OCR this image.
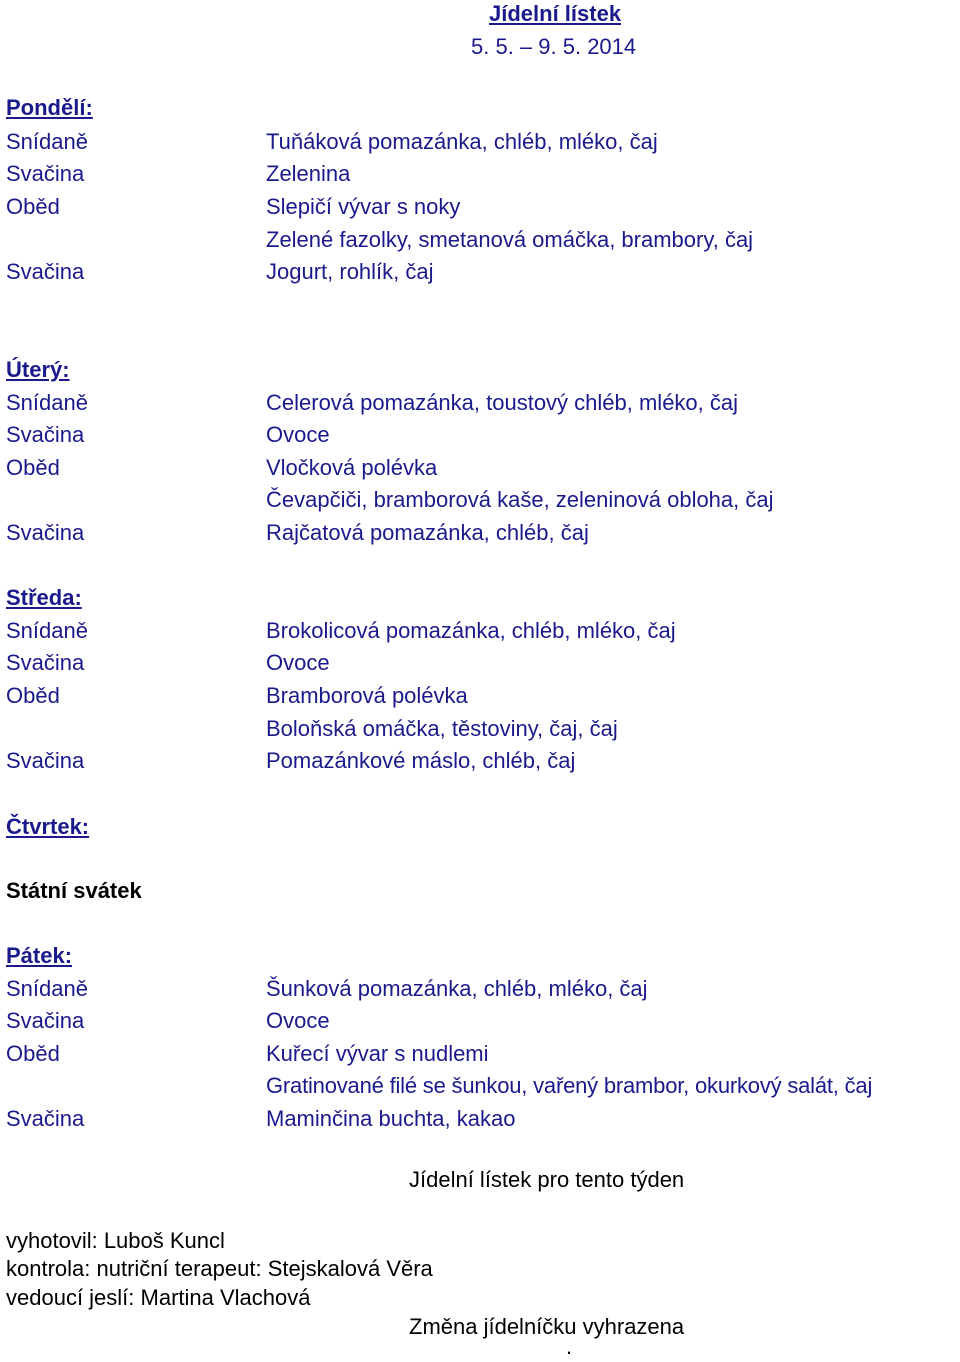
Jídelní lístek
5. 5. – 9. 5. 2014
Pondělí:
Snídaně
Svačina
Oběd
Svačina
Tuňáková pomazánka, chléb, mléko, čaj
Zelenina
Slepičí vývar s noky
Zelené fazolky, smetanová omáčka, brambory, čaj
Jogurt, rohlík, čaj
Úterý:
Snídaně
Svačina
Oběd
Svačina
Celerová pomazánka, toustový chléb, mléko, čaj
Ovoce
Vločková polévka
Čevapčiči, bramborová kaše, zeleninová obloha, čaj
Rajčatová pomazánka, chléb, čaj
Středa:
Snídaně
Svačina
Oběd
Svačina
Brokolicová pomazánka, chléb, mléko, čaj
Ovoce
Bramborová polévka
Boloňská omáčka, těstoviny, čaj, čaj
Pomazánkové máslo, chléb, čaj
Čtvrtek:
Státní svátek
Pátek:
Snídaně
Svačina
Oběd
Svačina
Šunková pomazánka, chléb, mléko, čaj
Ovoce
Kuřecí vývar s nudlemi
Gratinované filé se šunkou, vařený brambor, okurkový salát, čaj
Maminčina buchta, kakao
Jídelní lístek pro tento týden
vyhotovil: Luboš Kuncl
kontrola: nutriční terapeut: Stejskalová Věra
vedoucí jeslí: Martina Vlachová
Změna jídelníčku vyhrazena
.
